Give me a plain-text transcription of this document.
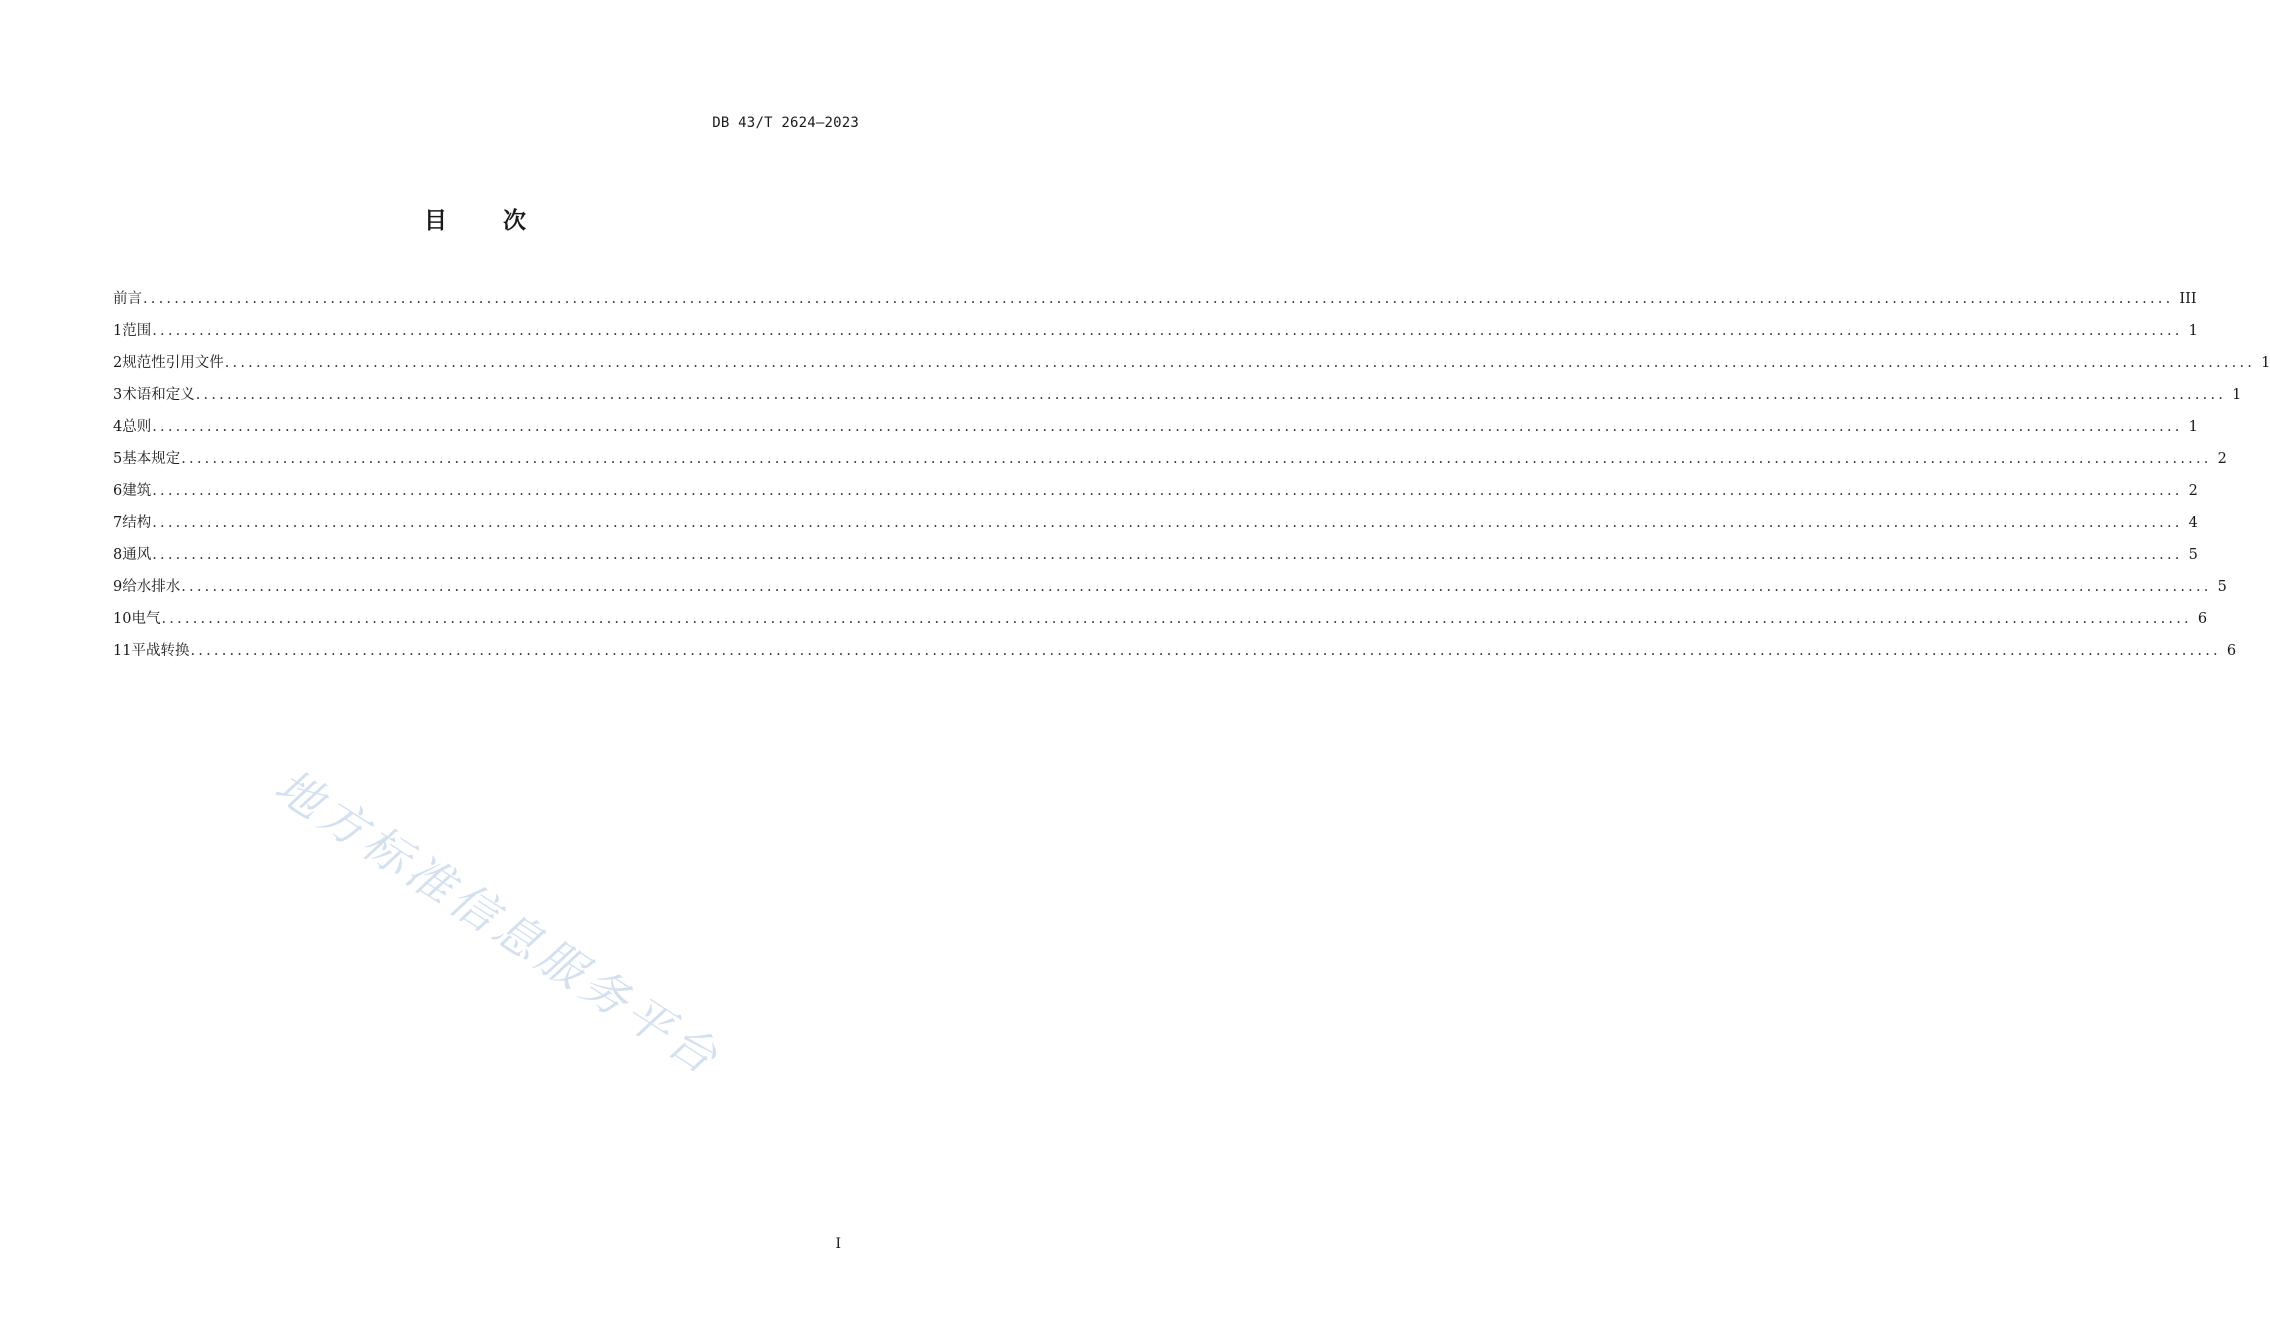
DB 43/T 2624—2023
目 次
前言 .................................................................................................................................................................................................................................................................... III
1 范围 .................................................................................................................................................................................................................................................................... 1
2 规范性引用文件 .................................................................................................................................................................................................................................................................... 1
3 术语和定义 .................................................................................................................................................................................................................................................................... 1
4 总则 .................................................................................................................................................................................................................................................................... 1
5 基本规定 .................................................................................................................................................................................................................................................................... 2
6 建筑 .................................................................................................................................................................................................................................................................... 2
7 结构 .................................................................................................................................................................................................................................................................... 4
8 通风 .................................................................................................................................................................................................................................................................... 5
9 给水排水 .................................................................................................................................................................................................................................................................... 5
10 电气 .................................................................................................................................................................................................................................................................... 6
11 平战转换 .................................................................................................................................................................................................................................................................... 6
地方标准信息服务平台
I
